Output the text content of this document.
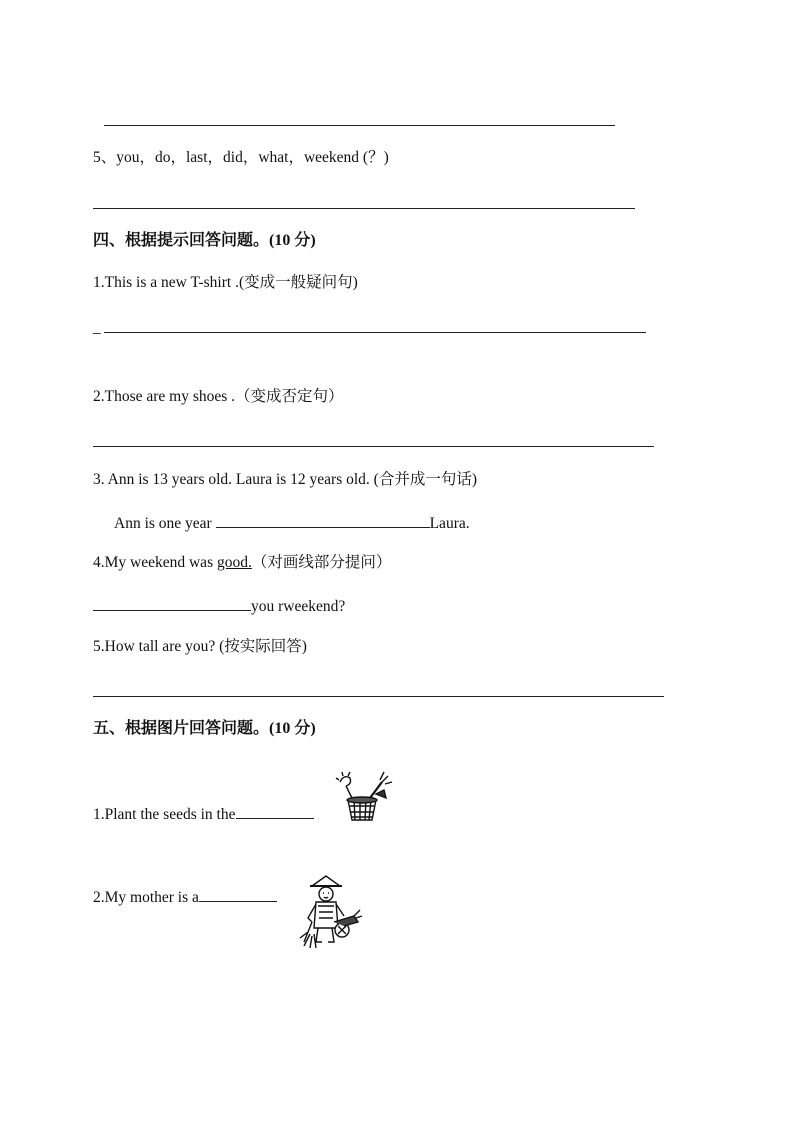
5、you，do，last，did，what，weekend (？)
四、根据提示回答问题。(10 分)
1.This is a new T-shirt .(变成一般疑问句)
_
2.Those are my shoes .（变成否定句）
3. Ann is 13 years old. Laura is 12 years old. (合并成一句话)
Ann is one year	Laura.
4.My weekend was good.（对画线部分提问）
you rweekend?
5.How tall are you? (按实际回答)
五、根据图片回答问题。(10 分)
1.Plant the seeds in the
2.My mother is a
